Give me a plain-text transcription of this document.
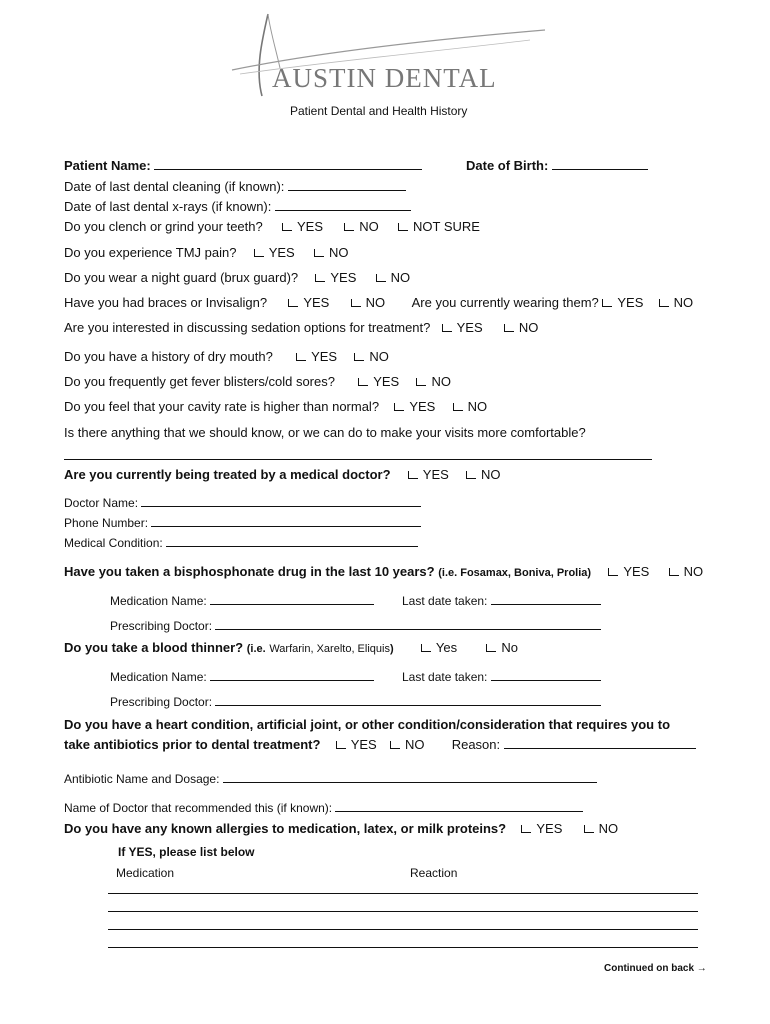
AUSTIN DENTAL
Patient Dental and Health History
Patient Name:	Date of Birth:
Date of last dental cleaning (if known):
Date of last dental x-rays (if known):
Do you clench or grind your teeth?	YES	NO	NOT SURE
Do you experience TMJ pain? YES	NO
Do you wear a night guard (brux guard)? YES	NO
Have you had braces or Invisalign?	YES	NO Are you currently wearing them? YES NO
Are you interested in discussing sedation options for treatment? YES	NO
Do you have a history of dry mouth?	YES NO
Do you frequently get fever blisters/cold sores?	YES NO
Do you feel that your cavity rate is higher than normal? YES NO
Is there anything that we should know, or we can do to make your visits more comfortable?
Are you currently being treated by a medical doctor? YES NO
Doctor Name:
Phone Number:
Medical Condition:
Have you taken a bisphosphonate drug in the last 10 years? (i.e. Fosamax, Boniva, Prolia) YES	NO
Medication Name:	Last date taken:
Prescribing Doctor:
Do you take a blood thinner? (i.e. Warfarin, Xarelto, Eliquis)	Yes	No
Medication Name:	Last date taken:
Prescribing Doctor:
Do you have a heart condition, artificial joint, or other condition/consideration that requires you to
take antibiotics prior to dental treatment? YES NO Reason:
Antibiotic Name and Dosage:
Name of Doctor that recommended this (if known):
Do you have any known allergies to medication, latex, or milk proteins? YES	NO
If YES, please list below
Medication	Reaction
Continued on back →
